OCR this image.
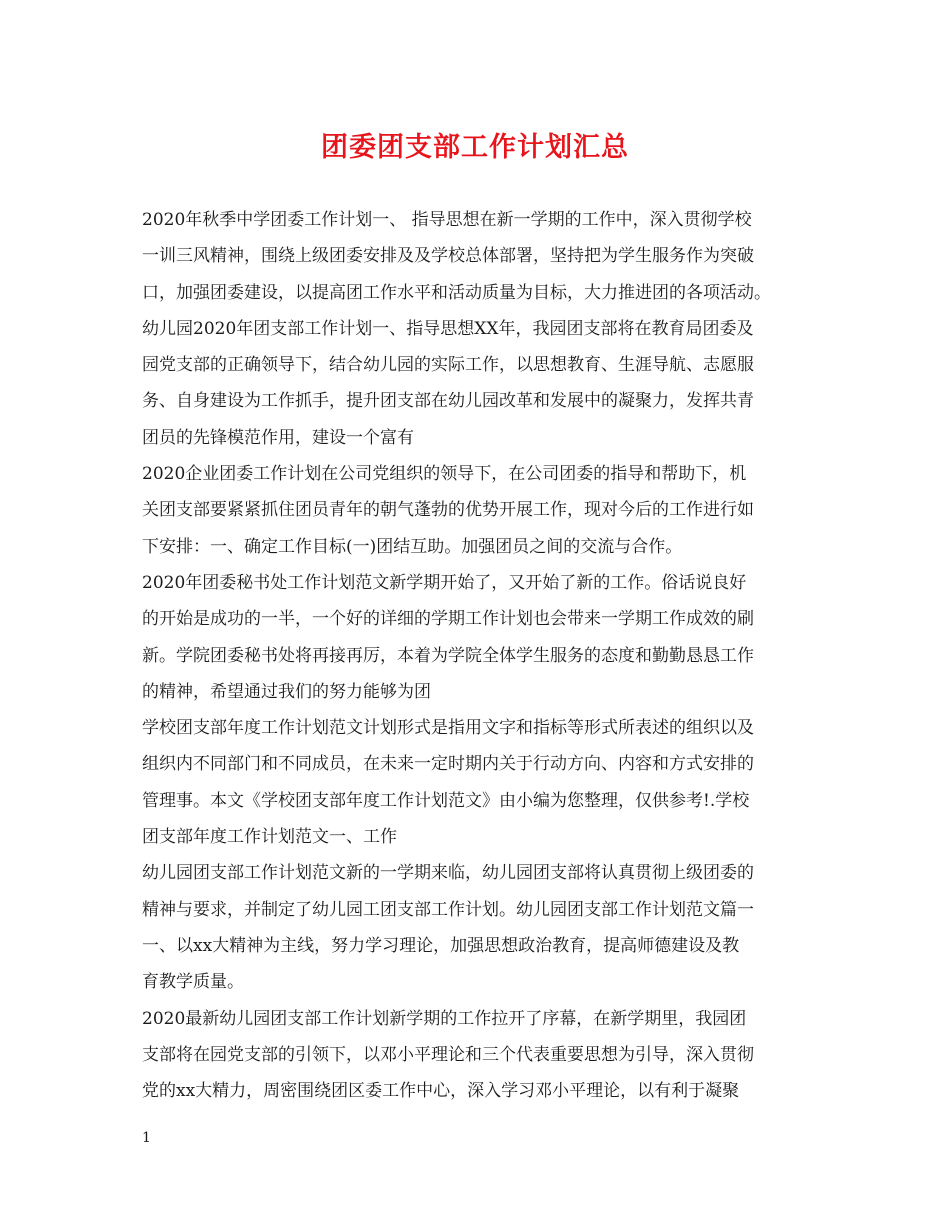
团委团支部工作计划汇总
2020年秋季中学团委工作计划一、 指导思想在新一学期的工作中，深入贯彻学校
一训三风精神，围绕上级团委安排及及学校总体部署，坚持把为学生服务作为突破
口，加强团委建设，以提高团工作水平和活动质量为目标，大力推进团的各项活动。
幼儿园2020年团支部工作计划一、指导思想XX年，我园团支部将在教育局团委及
园党支部的正确领导下，结合幼儿园的实际工作，以思想教育、生涯导航、志愿服
务、自身建设为工作抓手，提升团支部在幼儿园改革和发展中的凝聚力，发挥共青
团员的先锋模范作用，建设一个富有
2020企业团委工作计划在公司党组织的领导下，在公司团委的指导和帮助下，机
关团支部要紧紧抓住团员青年的朝气蓬勃的优势开展工作，现对今后的工作进行如
下安排：一、确定工作目标(一)团结互助。加强团员之间的交流与合作。
2020年团委秘书处工作计划范文新学期开始了，又开始了新的工作。俗话说良好
的开始是成功的一半，一个好的详细的学期工作计划也会带来一学期工作成效的刷
新。学院团委秘书处将再接再厉，本着为学院全体学生服务的态度和勤勤恳恳工作
的精神，希望通过我们的努力能够为团
学校团支部年度工作计划范文计划形式是指用文字和指标等形式所表述的组织以及
组织内不同部门和不同成员，在未来一定时期内关于行动方向、内容和方式安排的
管理事。本文《学校团支部年度工作计划范文》由小编为您整理，仅供参考!.学校
团支部年度工作计划范文一、工作
幼儿园团支部工作计划范文新的一学期来临，幼儿园团支部将认真贯彻上级团委的
精神与要求，并制定了幼儿园工团支部工作计划。幼儿园团支部工作计划范文篇一
一、以xx大精神为主线，努力学习理论，加强思想政治教育，提高师德建设及教
育教学质量。
2020最新幼儿园团支部工作计划新学期的工作拉开了序幕，在新学期里，我园团
支部将在园党支部的引领下，以邓小平理论和三个代表重要思想为引导，深入贯彻
党的xx大精力，周密围绕团区委工作中心，深入学习邓小平理论，以有利于凝聚
1
